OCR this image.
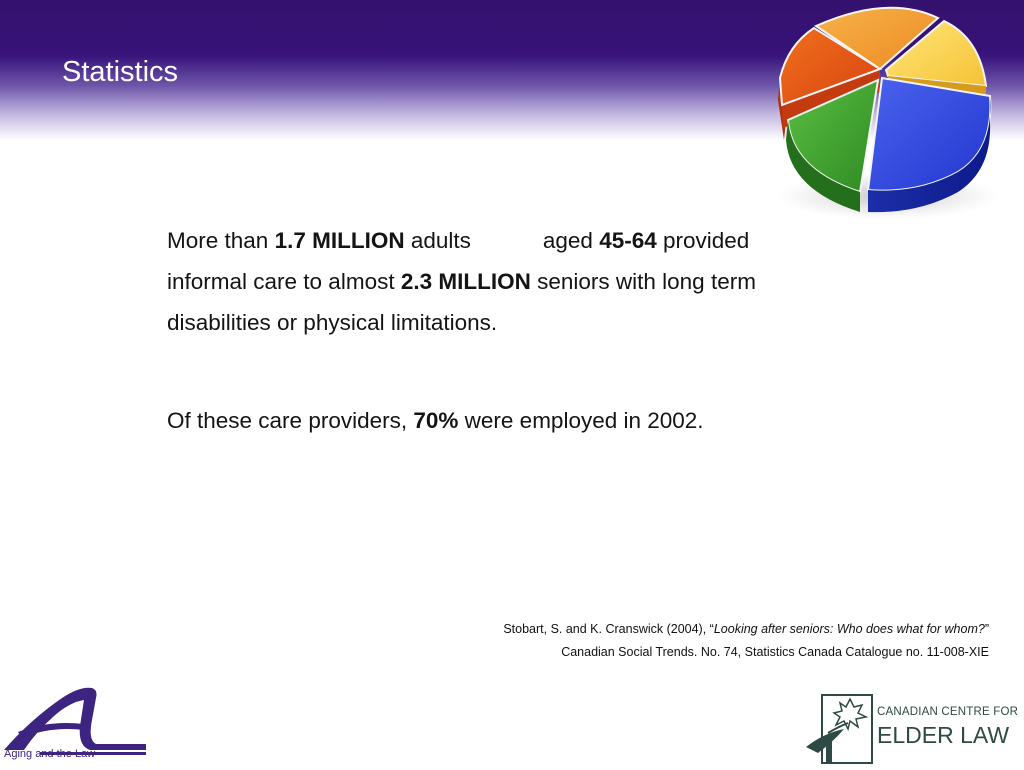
Statistics

More than 1.7 MILLION adults	aged 45-64 provided informal care to almost 2.3 MILLION seniors with long term disabilities or physical limitations.

Of these care providers, 70% were employed in 2002.

Stobart, S. and K. Cranswick (2004), “Looking after seniors: Who does what for whom?”
Canadian Social Trends. No. 74, Statistics Canada Catalogue no. 11-008-XIE
Aging and the Law
CANADIAN CENTRE FOR
ELDER LAW
